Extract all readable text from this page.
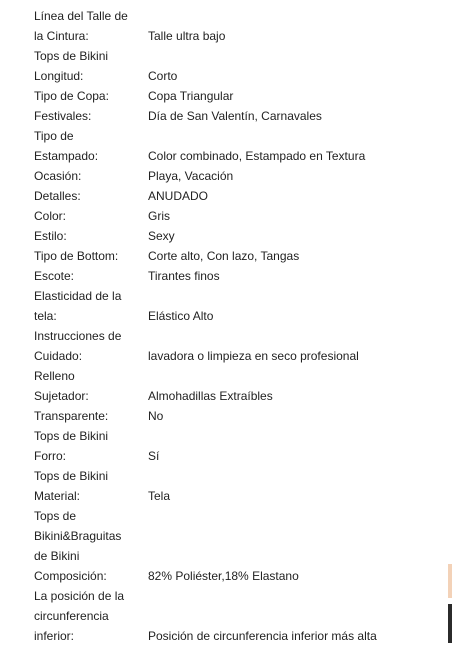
Línea del Talle de
la Cintura:	Talle ultra bajo
Tops de Bikini
Longitud:	Corto
Tipo de Copa:	Copa Triangular
Festivales:	Día de San Valentín, Carnavales
Tipo de
Estampado:	Color combinado, Estampado en Textura
Ocasión:	Playa, Vacación
Detalles:	ANUDADO
Color:	Gris
Estilo:	Sexy
Tipo de Bottom:	Corte alto, Con lazo, Tangas
Escote:	Tirantes finos
Elasticidad de la
tela:	Elástico Alto
Instrucciones de
Cuidado:	lavadora o limpieza en seco profesional
Relleno
Sujetador:	Almohadillas Extraíbles
Transparente:	No
Tops de Bikini
Forro:	Sí
Tops de Bikini
Material:	Tela
Tops de
Bikini&Braguitas
de Bikini
Composición:	82% Poliéster,18% Elastano
La posición de la
circunferencia
inferior:	Posición de circunferencia inferior más alta
